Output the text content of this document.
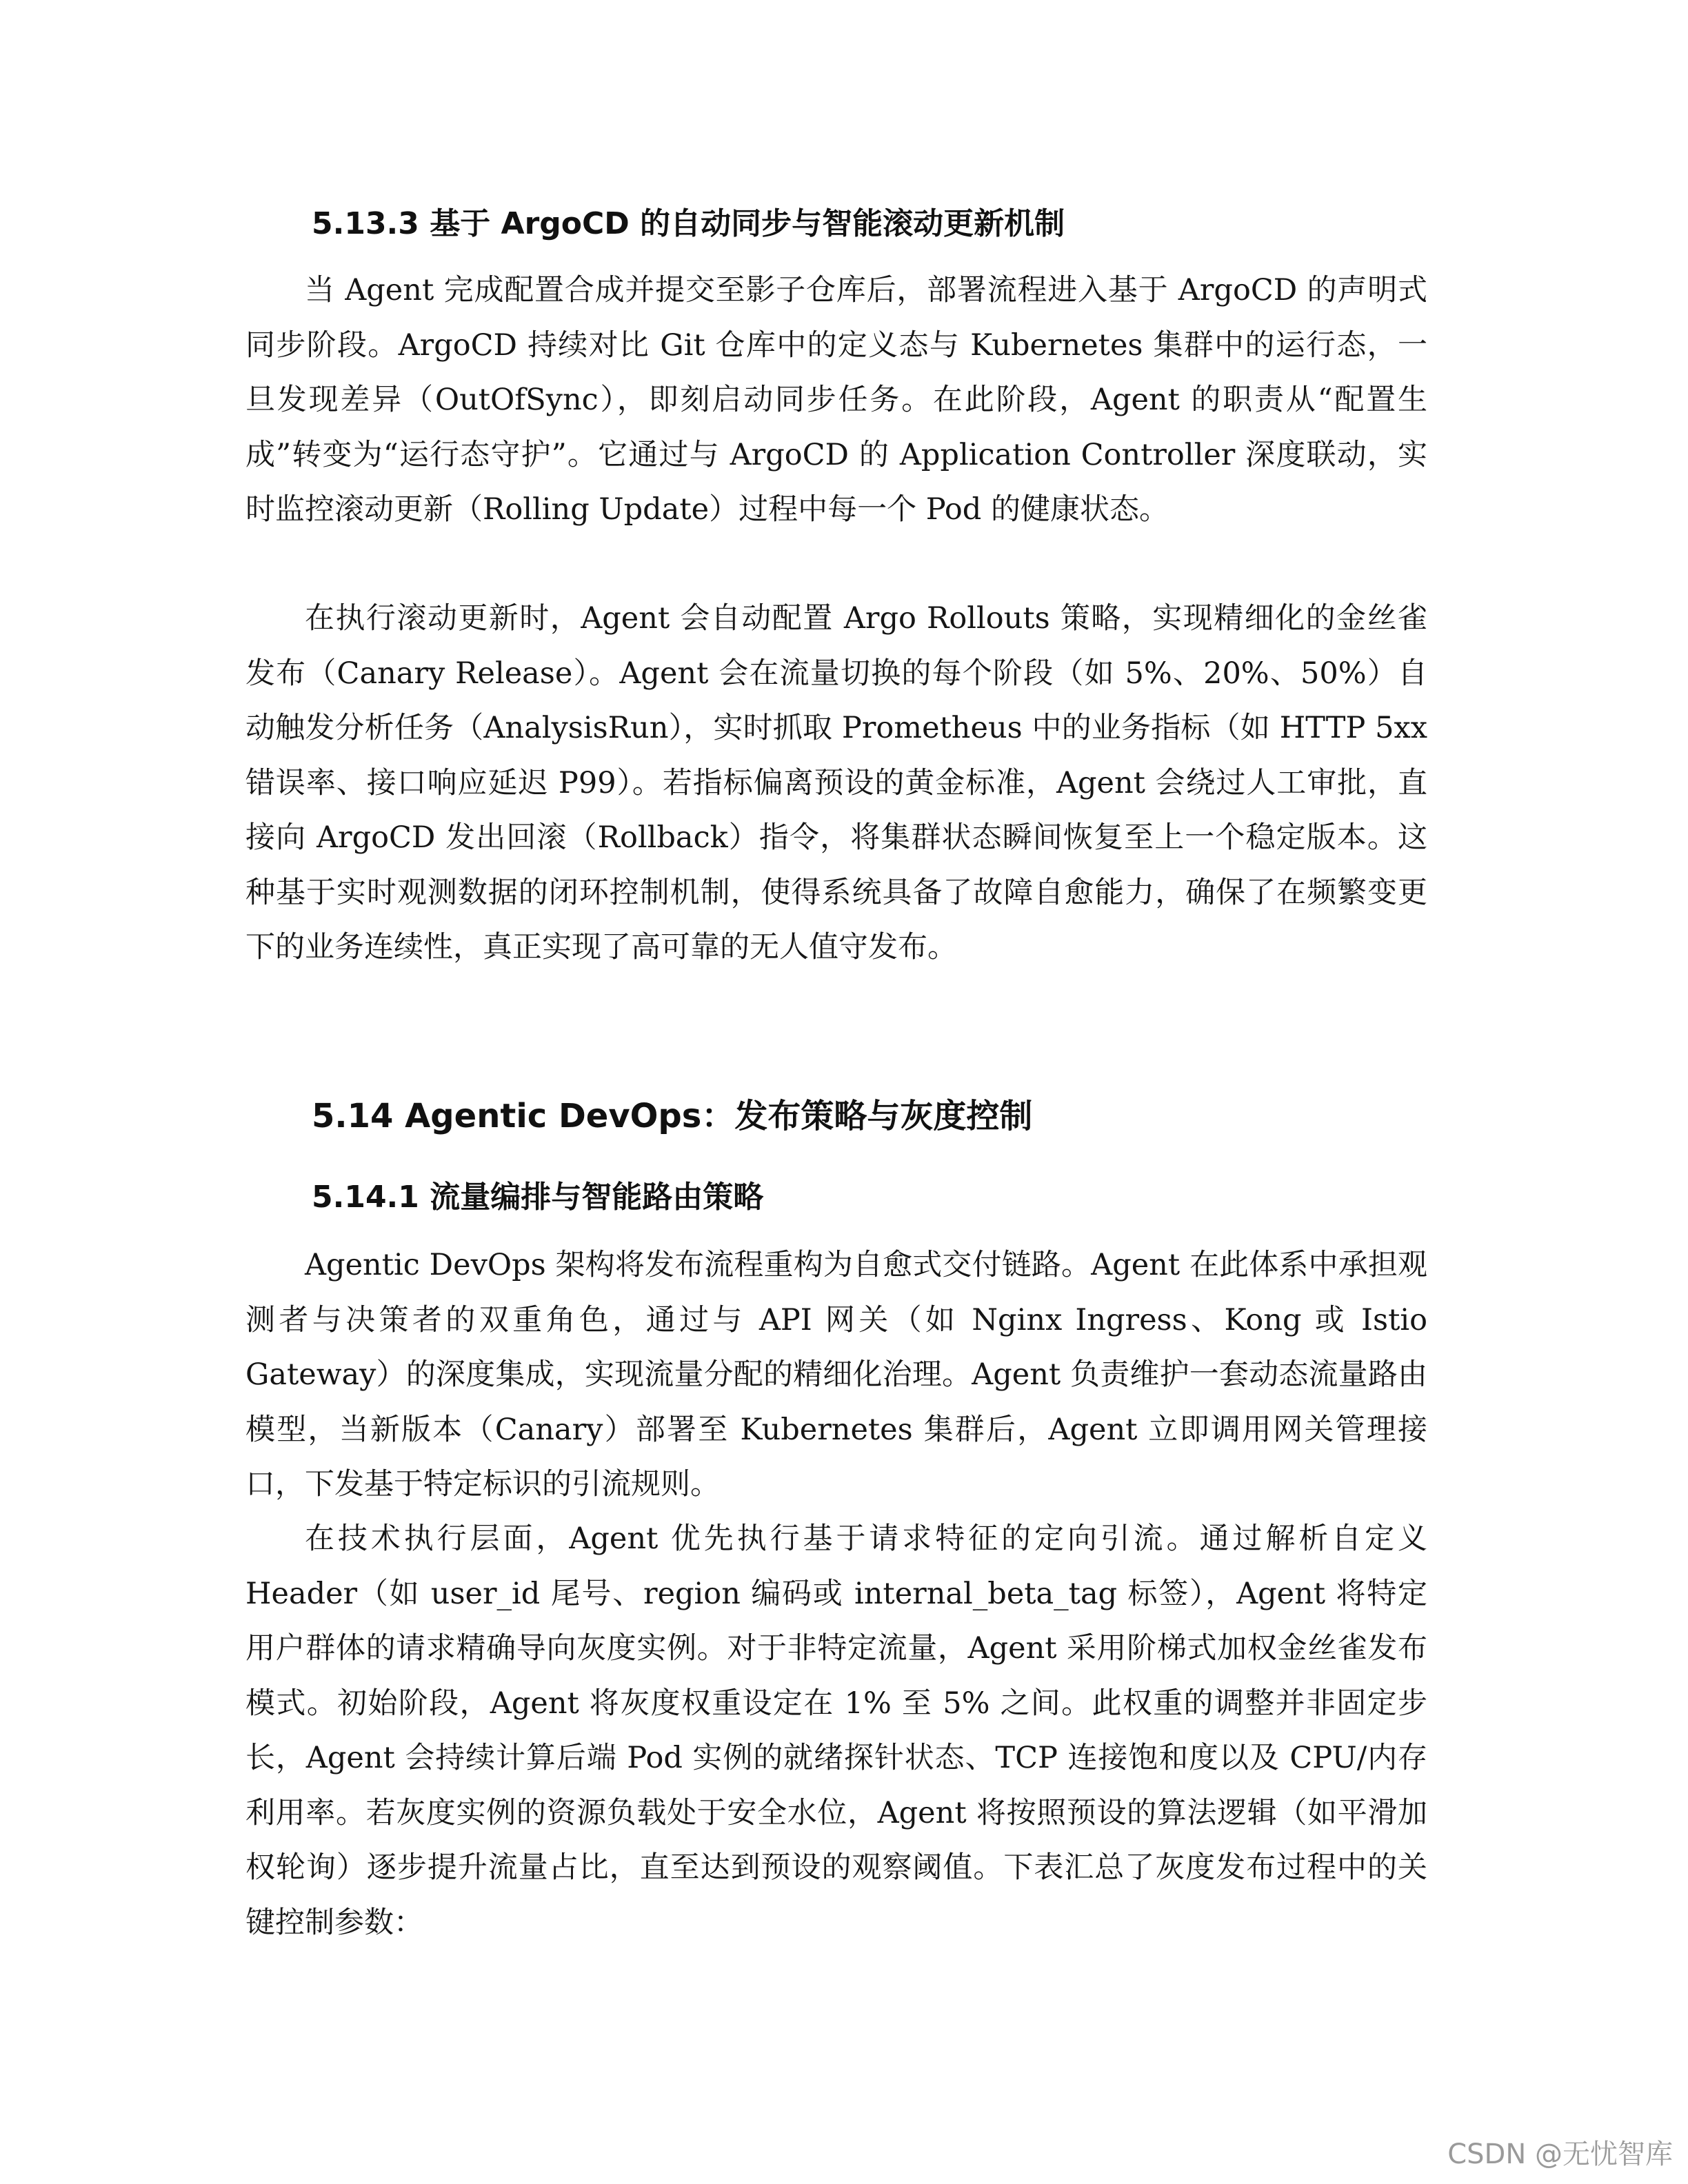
5.13.3 基于 ArgoCD 的自动同步与智能滚动更新机制

当 Agent 完成配置合成并提交至影子仓库后，部署流程进入基于 ArgoCD 的声明式同步阶段。ArgoCD 持续对比 Git 仓库中的定义态与 Kubernetes 集群中的运行态，一旦发现差异（OutOfSync），即刻启动同步任务。在此阶段，Agent 的职责从“配置生成”转变为“运行态守护”。它通过与 ArgoCD 的 Application Controller 深度联动，实时监控滚动更新（Rolling Update）过程中每一个 Pod 的健康状态。

在执行滚动更新时，Agent 会自动配置 Argo Rollouts 策略，实现精细化的金丝雀发布（Canary Release）。Agent 会在流量切换的每个阶段（如 5%、20%、50%）自动触发分析任务（AnalysisRun），实时抓取 Prometheus 中的业务指标（如 HTTP 5xx 错误率、接口响应延迟 P99）。若指标偏离预设的黄金标准，Agent 会绕过人工审批，直接向 ArgoCD 发出回滚（Rollback）指令，将集群状态瞬间恢复至上一个稳定版本。这种基于实时观测数据的闭环控制机制，使得系统具备了故障自愈能力，确保了在频繁变更下的业务连续性，真正实现了高可靠的无人值守发布。

5.14 Agentic DevOps：发布策略与灰度控制
5.14.1 流量编排与智能路由策略

Agentic DevOps 架构将发布流程重构为自愈式交付链路。Agent 在此体系中承担观测者与决策者的双重角色，通过与 API 网关（如 Nginx Ingress、Kong 或 Istio Gateway）的深度集成，实现流量分配的精细化治理。Agent 负责维护一套动态流量路由模型，当新版本（Canary）部署至 Kubernetes 集群后，Agent 立即调用网关管理接口，下发基于特定标识的引流规则。

在技术执行层面，Agent 优先执行基于请求特征的定向引流。通过解析自定义 Header（如 user_id 尾号、region 编码或 internal_beta_tag 标签），Agent 将特定用户群体的请求精确导向灰度实例。对于非特定流量，Agent 采用阶梯式加权金丝雀发布模式。初始阶段，Agent 将灰度权重设定在 1% 至 5% 之间。此权重的调整并非固定步长，Agent 会持续计算后端 Pod 实例的就绪探针状态、TCP 连接饱和度以及 CPU/内存利用率。若灰度实例的资源负载处于安全水位，Agent 将按照预设的算法逻辑（如平滑加权轮询）逐步提升流量占比，直至达到预设的观察阈值。下表汇总了灰度发布过程中的关键控制参数：

CSDN @无忧智库
